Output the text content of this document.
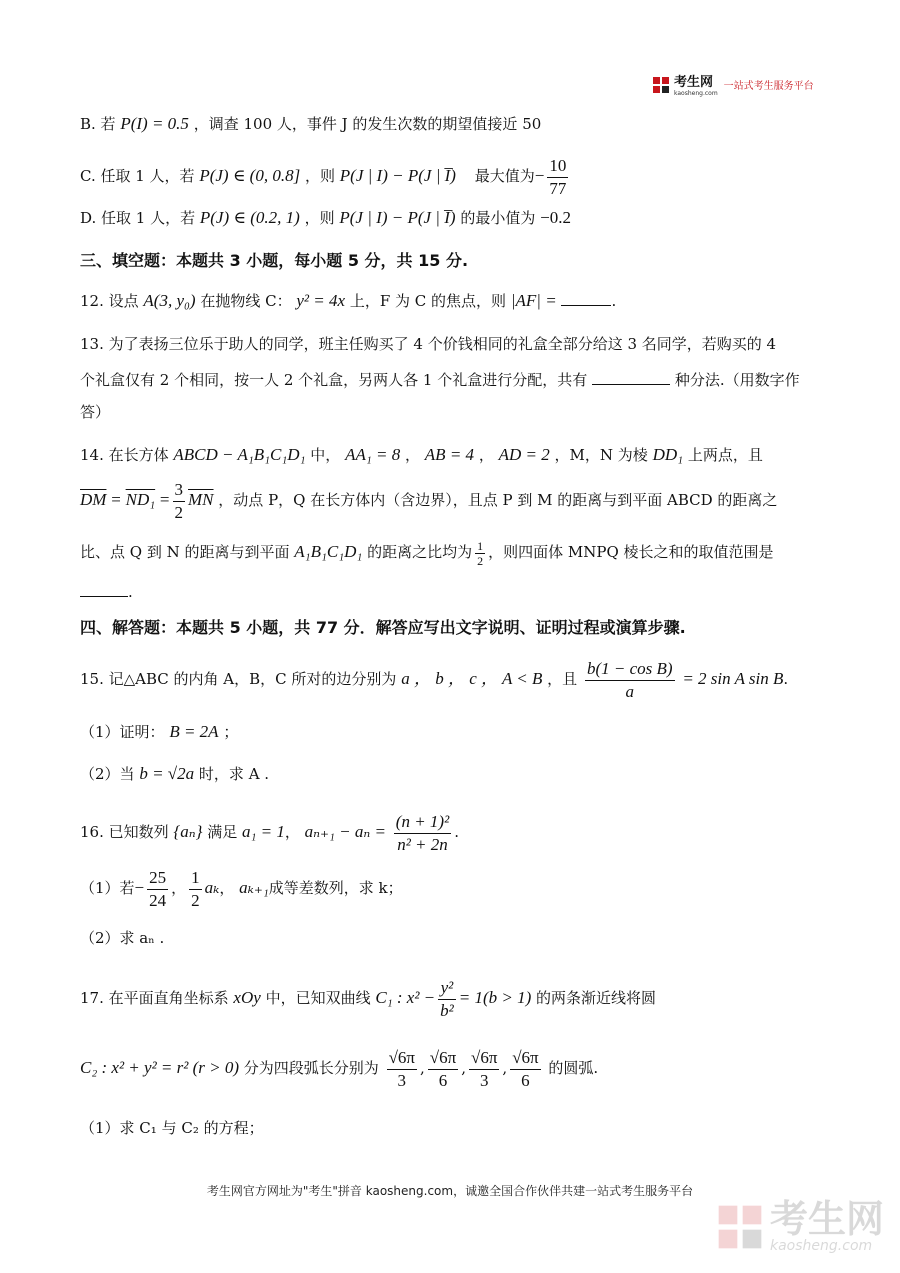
考生网
kaosheng.com
一站式考生服务平台
B. 若 P(I) = 0.5 ，调查 100 人，事件 J 的发生次数的期望值接近 50
C. 任取 1 人，若 P(J) ∈ (0, 0.8] ，则 P(J | I) − P(J | I̅) 最大值为− $\frac{10}{77}$
D. 任取 1 人，若 P(J) ∈ (0.2, 1) ，则 P(J | I) − P(J | I̅) 的最小值为 −0.2
三、填空题：本题共 3 小题，每小题 5 分，共 15 分.
12. 设点 A(3, y₀) 在抛物线 C： y² = 4x 上，F 为 C 的焦点，则 |AF| =	.
13. 为了表扬三位乐于助人的同学，班主任购买了 4 个价钱相同的礼盒全部分给这 3 名同学，若购买的 4
个礼盒仅有 2 个相同，按一人 2 个礼盒，另两人各 1 个礼盒进行分配，共有	种分法.（用数字作
答）
14. 在长方体 ABCD − A₁B₁C₁D₁ 中， AA₁ = 8 ， AB = 4 ， AD = 2 ，M，N 为棱 DD₁ 上两点，且
$\overline{DM} = ND_1 = \frac{3}{2} \overline{MN}$ ，动点 P，Q 在长方体内（含边界），且点 P 到 M 的距离与到平面 ABCD 的距离之
比、点 Q 到 N 的距离与到平面 A₁B₁C₁D₁ 的距离之比均为 $\frac{1}{2}$ ，则四面体 MNPQ 棱长之和的取值范围是
.
四、解答题：本题共 5 小题，共 77 分．解答应写出文字说明、证明过程或演算步骤.
15. 记△ABC 的内角 A，B，C 所对的边分别为 a ， b ， c ， A < B ，且 $\frac{\text{b(1 − cos B)}}{a} = 2$ sin A sin B.
（1）证明： B = 2A ；
（2）当 b = √2a 时，求 A .
16. 已知数列 {aₙ} 满足 a₁ = 1， $a_{n+1} - a_n = \frac{\text{(n + 1)²}}{\text{n² + 2n}}$ .
（1）若− $\frac{25}{24}$ ， $\frac{1}{2}$ aₖ， aₖ₊₁成等差数列，求 k；
（2）求 aₙ .
17. 在平面直角坐标系 xOy 中，已知双曲线 C₁ : $x^2 - \frac{\text{y²}}{\text{b²}} = 1(b > 1)$ 的两条渐近线将圆
C₂ : x² + y² = r² (r > 0) 分为四段弧长分别为 $\frac{√6\pi}{3}$ , $\frac{√6\pi}{6}$ , $\frac{√6\pi}{3}$ , $\frac{√6\pi}{6}$ 的圆弧.
（1）求 C₁ 与 C₂ 的方程；
考生网官方网址为"考生"拼音 kaosheng.com，诚邀全国合作伙伴共建一站式考生服务平台
考生网
kaosheng.com
